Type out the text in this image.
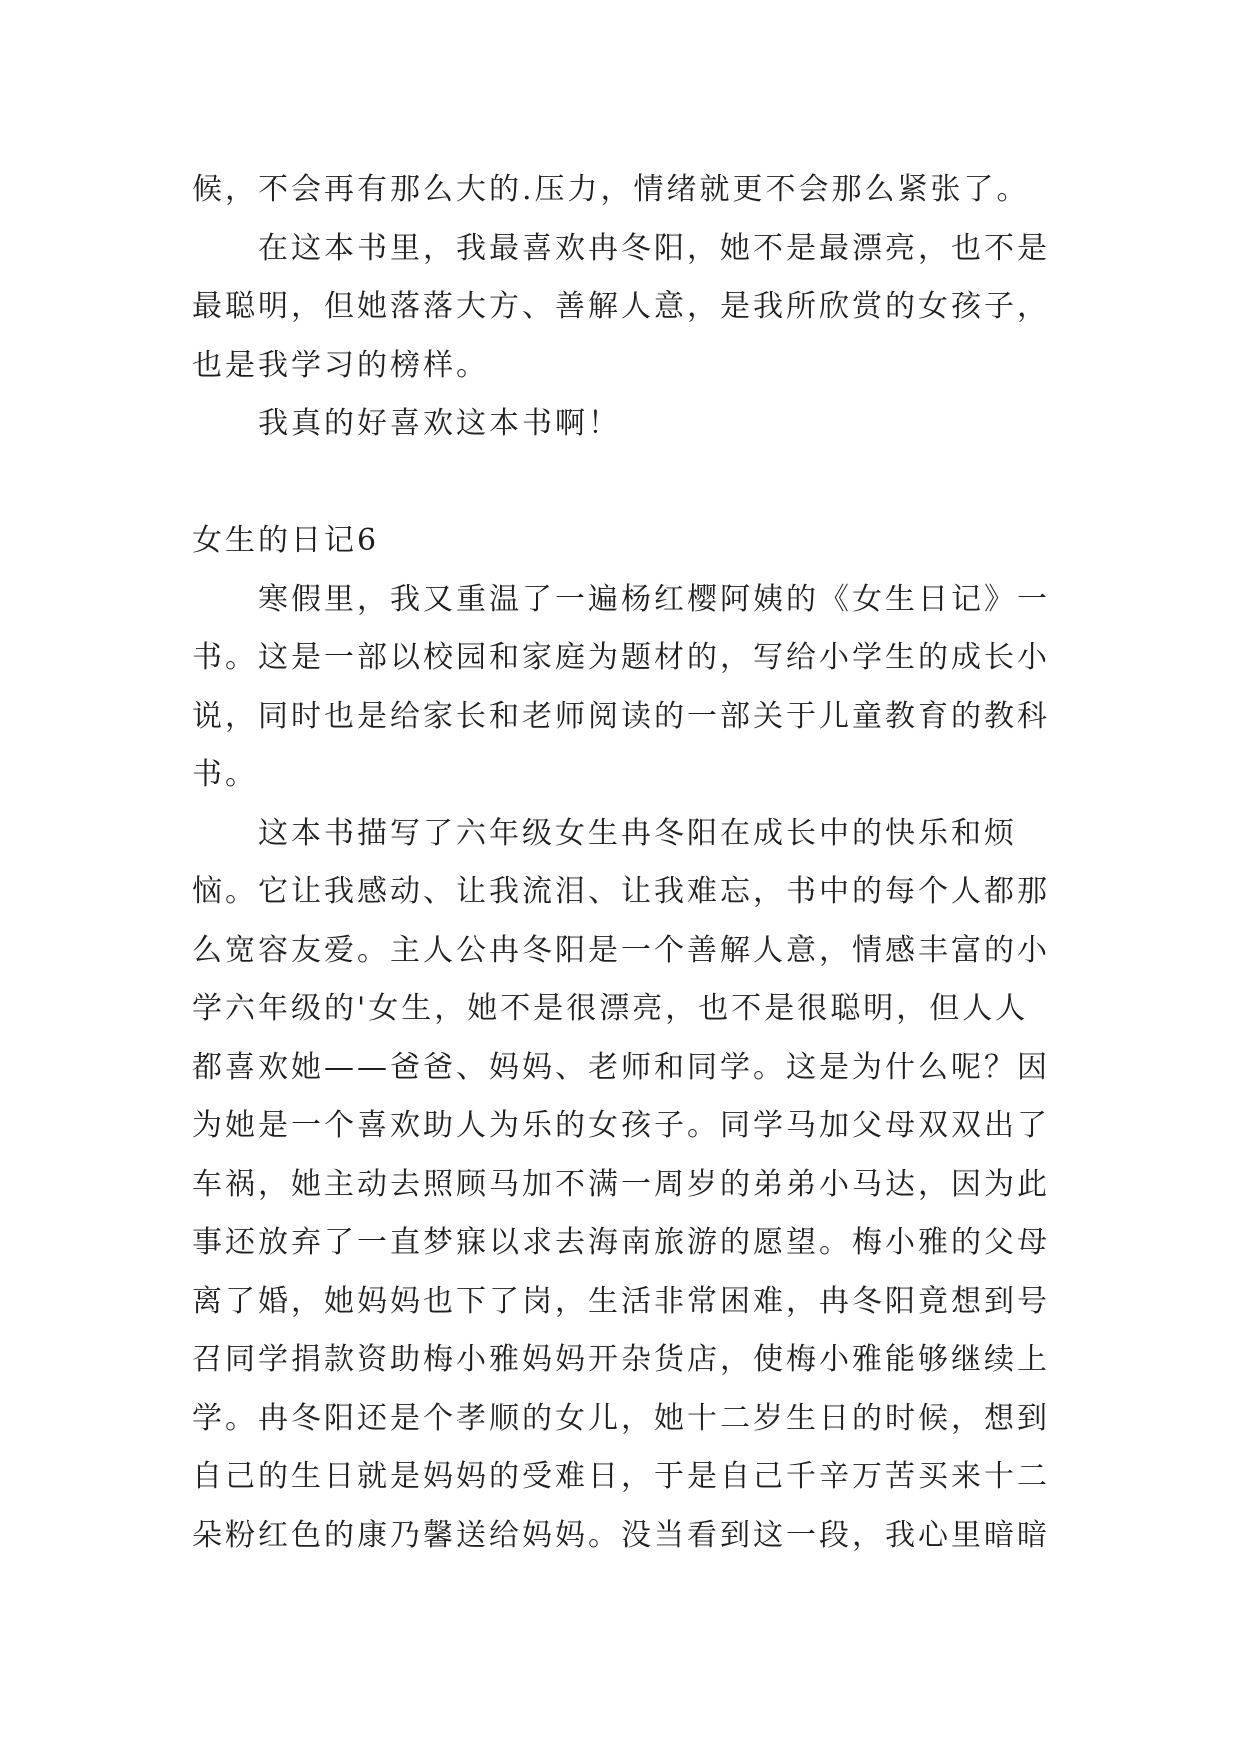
候，不会再有那么大的.压力，情绪就更不会那么紧张了。
在这本书里，我最喜欢冉冬阳，她不是最漂亮，也不是
最聪明，但她落落大方、善解人意，是我所欣赏的女孩子，
也是我学习的榜样。
我真的好喜欢这本书啊！
女生的日记6
寒假里，我又重温了一遍杨红樱阿姨的《女生日记》一
书。这是一部以校园和家庭为题材的，写给小学生的成长小
说，同时也是给家长和老师阅读的一部关于儿童教育的教科
书。
这本书描写了六年级女生冉冬阳在成长中的快乐和烦
恼。它让我感动、让我流泪、让我难忘，书中的每个人都那
么宽容友爱。主人公冉冬阳是一个善解人意，情感丰富的小
学六年级的'女生，她不是很漂亮，也不是很聪明，但人人
都喜欢她——爸爸、妈妈、老师和同学。这是为什么呢？因
为她是一个喜欢助人为乐的女孩子。同学马加父母双双出了
车祸，她主动去照顾马加不满一周岁的弟弟小马达，因为此
事还放弃了一直梦寐以求去海南旅游的愿望。梅小雅的父母
离了婚，她妈妈也下了岗，生活非常困难，冉冬阳竟想到号
召同学捐款资助梅小雅妈妈开杂货店，使梅小雅能够继续上
学。冉冬阳还是个孝顺的女儿，她十二岁生日的时候，想到
自己的生日就是妈妈的受难日，于是自己千辛万苦买来十二
朵粉红色的康乃馨送给妈妈。没当看到这一段，我心里暗暗
